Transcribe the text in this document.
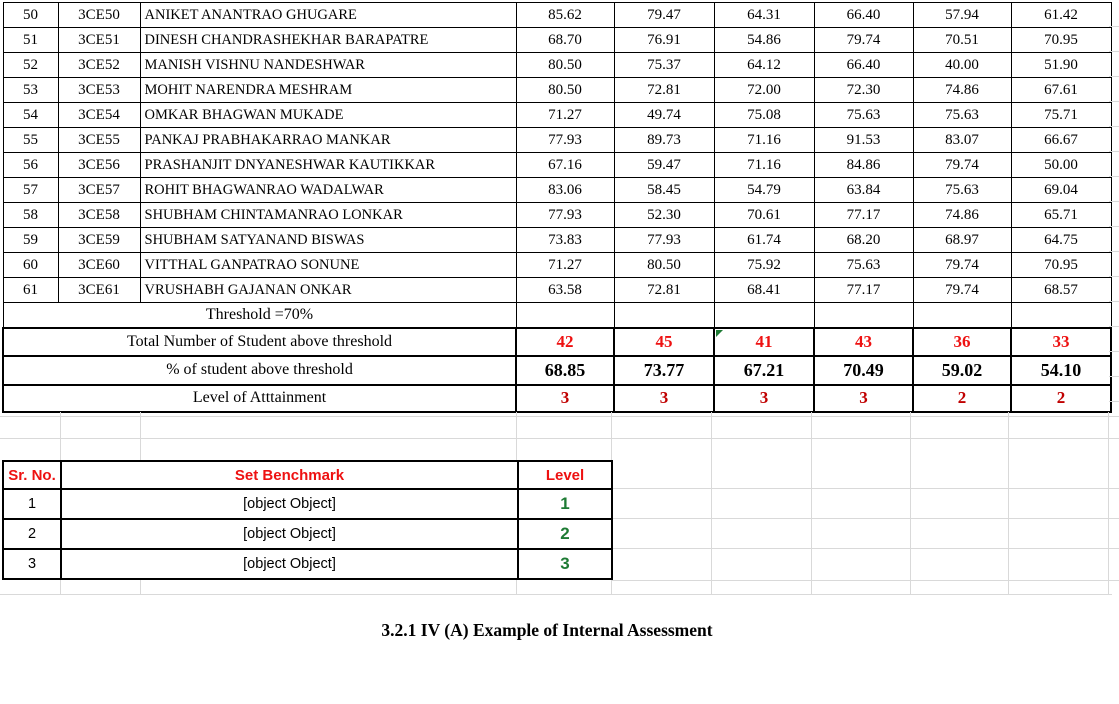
50	3CE50	ANIKET ANANTRAO GHUGARE	85.62	79.47	64.31	66.40	57.94	61.42
51	3CE51	DINESH CHANDRASHEKHAR BARAPATRE	68.70	76.91	54.86	79.74	70.51	70.95
52	3CE52	MANISH VISHNU NANDESHWAR	80.50	75.37	64.12	66.40	40.00	51.90
53	3CE53	MOHIT NARENDRA MESHRAM	80.50	72.81	72.00	72.30	74.86	67.61
54	3CE54	OMKAR BHAGWAN MUKADE	71.27	49.74	75.08	75.63	75.63	75.71
55	3CE55	PANKAJ PRABHAKARRAO MANKAR	77.93	89.73	71.16	91.53	83.07	66.67
56	3CE56	PRASHANJIT DNYANESHWAR KAUTIKKAR	67.16	59.47	71.16	84.86	79.74	50.00
57	3CE57	ROHIT BHAGWANRAO WADALWAR	83.06	58.45	54.79	63.84	75.63	69.04
58	3CE58	SHUBHAM CHINTAMANRAO LONKAR	77.93	52.30	70.61	77.17	74.86	65.71
59	3CE59	SHUBHAM SATYANAND BISWAS	73.83	77.93	61.74	68.20	68.97	64.75
60	3CE60	VITTHAL GANPATRAO SONUNE	71.27	80.50	75.92	75.63	79.74	70.95
61	3CE61	VRUSHABH GAJANAN ONKAR	63.58	72.81	68.41	77.17	79.74	68.57
Threshold =70%								
Total Number of Student above threshold			42	45	41	43	36	33
% of student above threshold			68.85	73.77	67.21	70.49	59.02	54.10
Level of Atttainment			3	3	3	3	2	2
Sr. No.	Set Benchmark	Level
1	[object Object]	1
2	[object Object]	2
3	[object Object]	3
3.2.1 IV (A) Example of Internal Assessment
